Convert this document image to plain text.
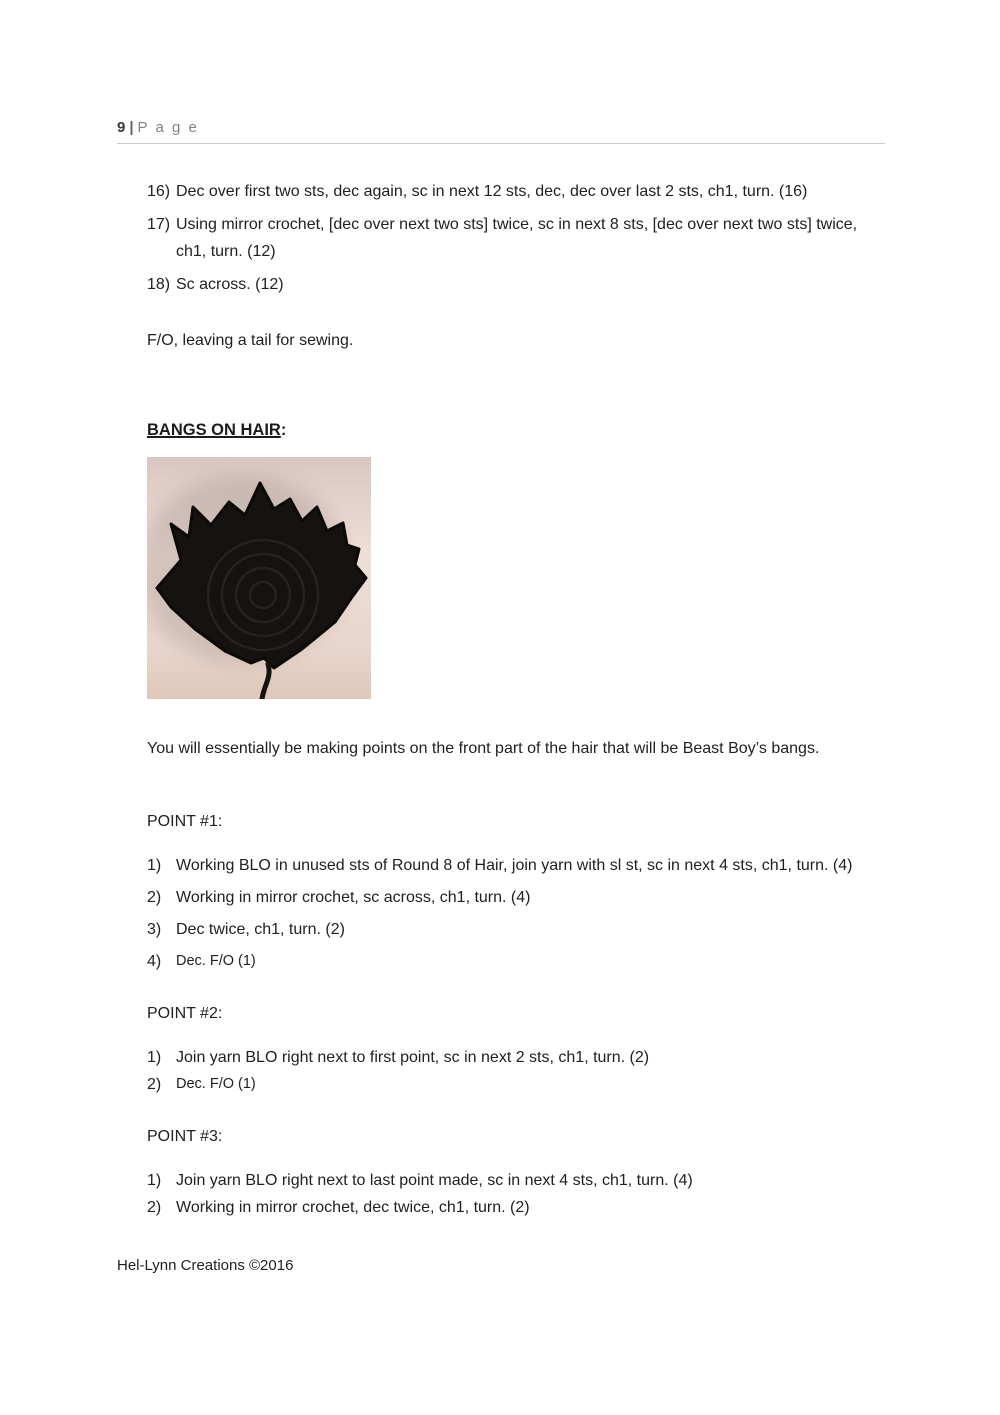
9 | P a g e
16) Dec over first two sts, dec again, sc in next 12 sts, dec, dec over last 2 sts, ch1, turn. (16)
17) Using mirror crochet, [dec over next two sts] twice, sc in next 8 sts, [dec over next two sts] twice, ch1, turn. (12)
18) Sc across. (12)
F/O, leaving a tail for sewing.
BANGS ON HAIR:
You will essentially be making points on the front part of the hair that will be Beast Boy’s bangs.
POINT #1:
1) Working BLO in unused sts of Round 8 of Hair, join yarn with sl st, sc in next 4 sts, ch1, turn. (4)
2) Working in mirror crochet, sc across, ch1, turn. (4)
3) Dec twice, ch1, turn. (2)
4)	Dec. F/O (1)
POINT #2:
1) Join yarn BLO right next to first point, sc in next 2 sts, ch1, turn. (2)
2)	Dec. F/O (1)
POINT #3:
1) Join yarn BLO right next to last point made, sc in next 4 sts, ch1, turn. (4)
2) Working in mirror crochet, dec twice, ch1, turn. (2)
Hel-Lynn Creations ©2016
